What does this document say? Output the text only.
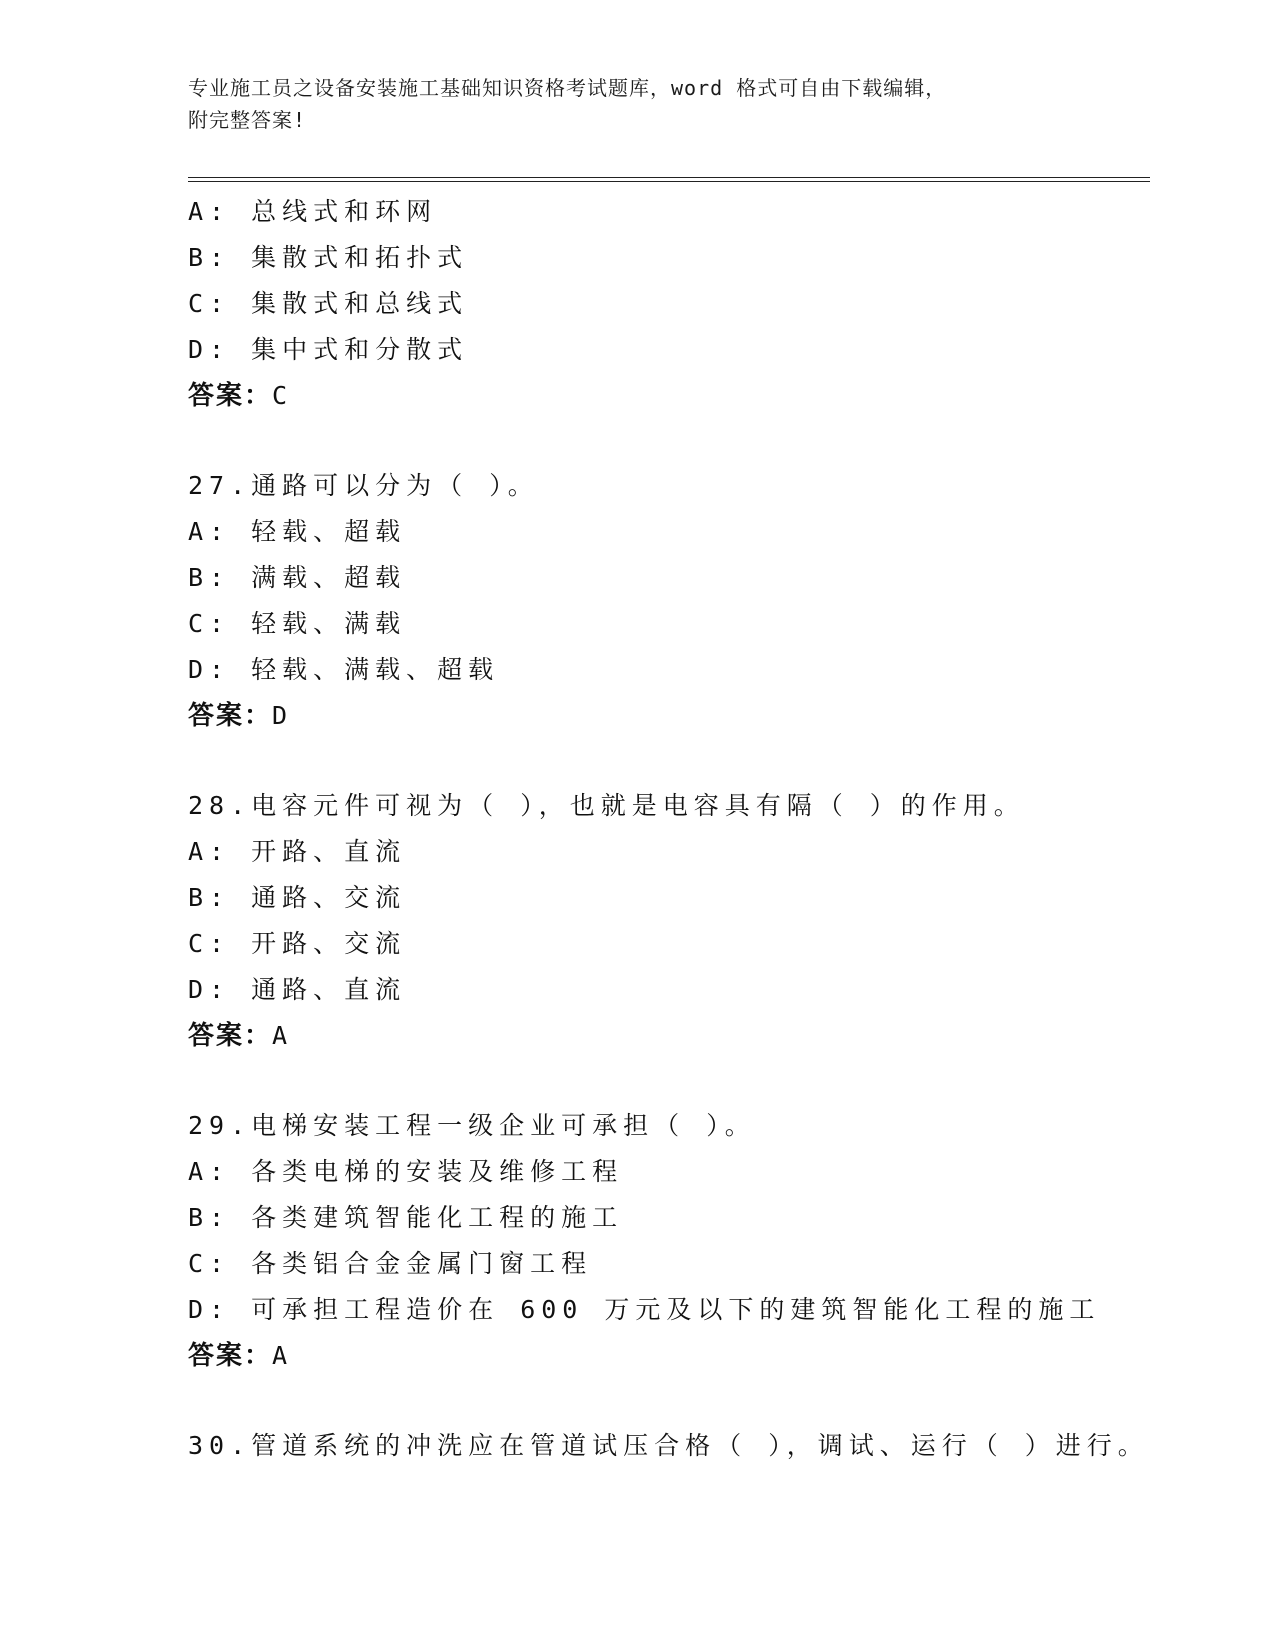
专业施工员之设备安装施工基础知识资格考试题库，word 格式可自由下载编辑，
附完整答案!
A: 总线式和环网
B: 集散式和拓扑式
C: 集散式和总线式
D: 集中式和分散式
答案：C
27.通路可以分为（ ）。
A: 轻载、超载
B: 满载、超载
C: 轻载、满载
D: 轻载、满载、超载
答案：D
28.电容元件可视为（ ），也就是电容具有隔（ ）的作用。
A: 开路、直流
B: 通路、交流
C: 开路、交流
D: 通路、直流
答案：A
29.电梯安装工程一级企业可承担（ ）。
A: 各类电梯的安装及维修工程
B: 各类建筑智能化工程的施工
C: 各类铝合金金属门窗工程
D: 可承担工程造价在 600 万元及以下的建筑智能化工程的施工
答案：A
30.管道系统的冲洗应在管道试压合格（ ），调试、运行（ ）进行。
